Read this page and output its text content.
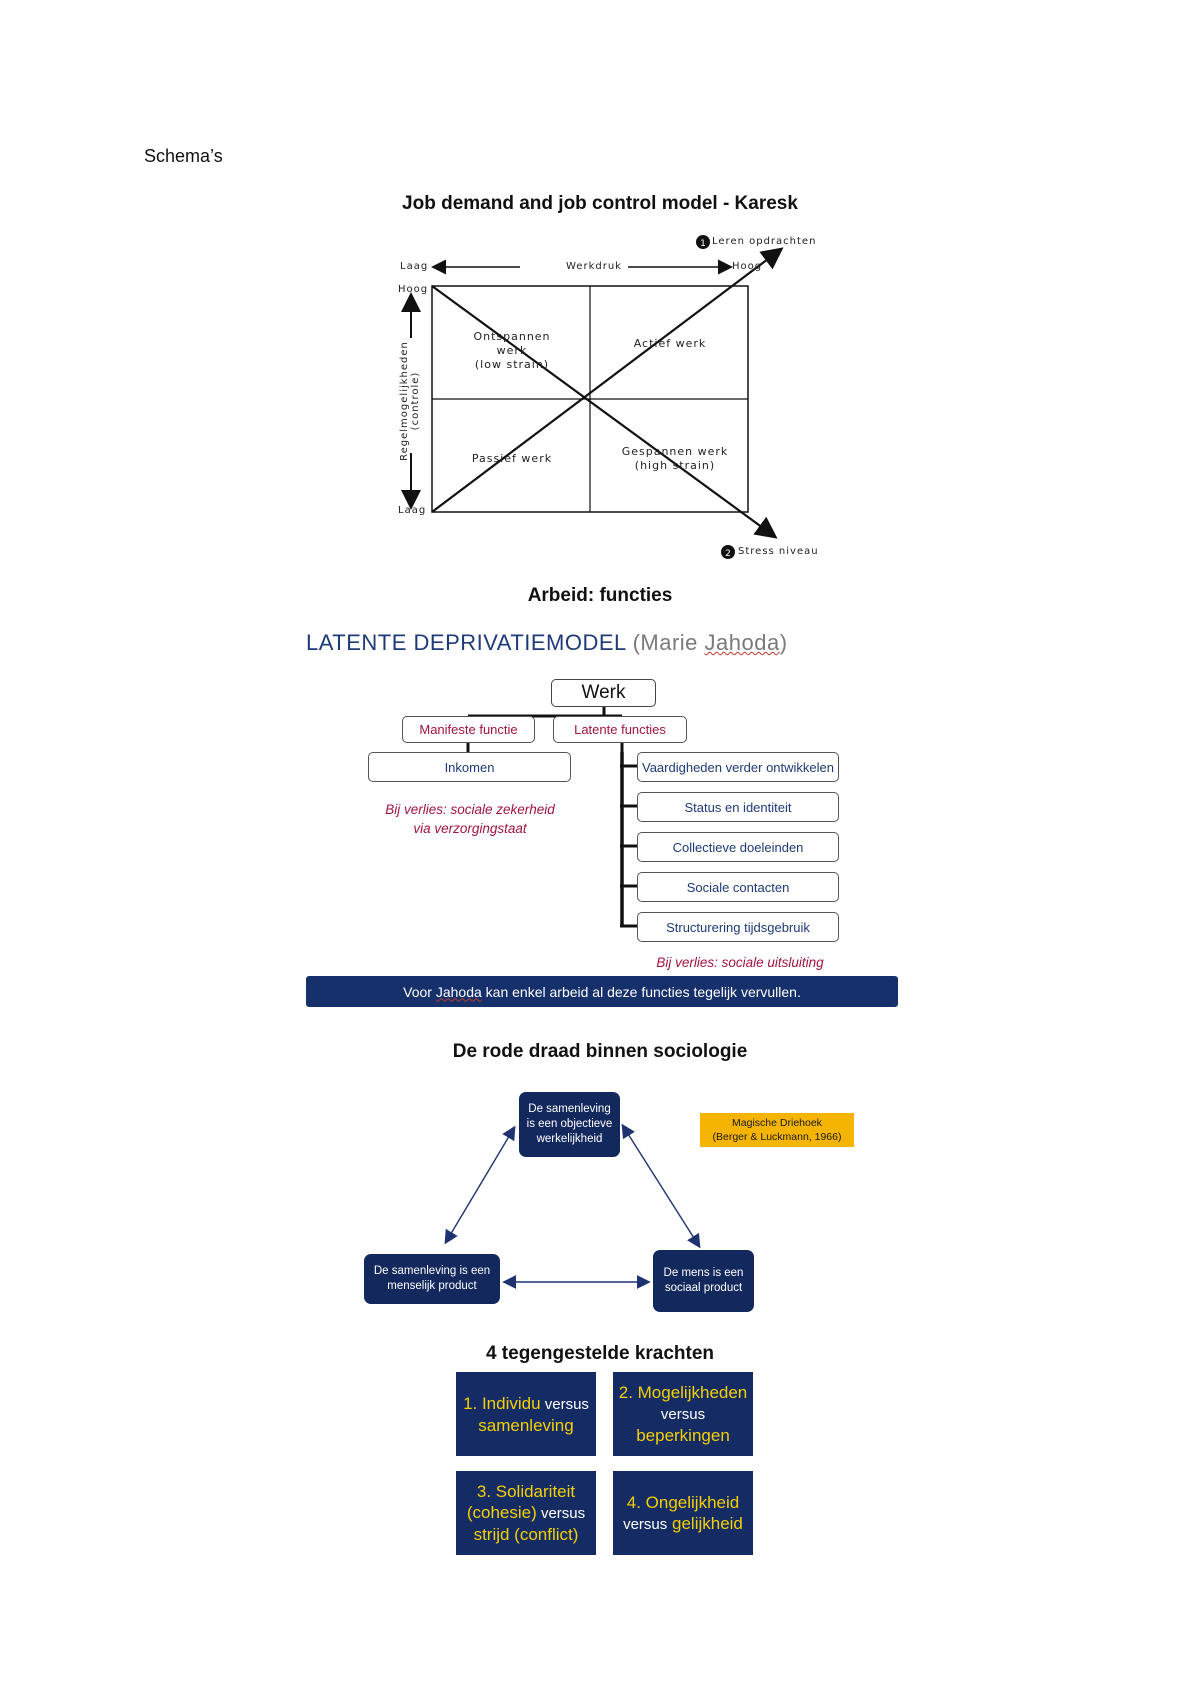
Schema’s
Job demand and job control model - Karesk
1
2
Leren opdrachten
Stress niveau
Laag	Werkdruk	Hoog
Hoog
Laag
Regelmogelijkheden (controle)
Ontspannen werk
(low strain)
Actief werk
Passief werk
Gespannen werk
(high strain)
Arbeid: functies
LATENTE DEPRIVATIEMODEL (Marie Jahoda)
Werk
Manifeste functie	Latente functies
Inkomen
Bij verlies: sociale zekerheid
via verzorgingstaat
Vaardigheden verder ontwikkelen
Status en identiteit
Collectieve doeleinden
Sociale contacten
Structurering tijdsgebruik
Bij verlies: sociale uitsluiting
Voor Jahoda kan enkel arbeid al deze functies tegelijk vervullen.
De rode draad binnen sociologie
De samenleving is een objectieve werkelijkheid
De samenleving is een menselijk product
De mens is een sociaal product
Magische Driehoek
(Berger & Luckmann, 1966)
4 tegengestelde krachten
1. Individu versus
samenleving
2. Mogelijkheden
versus
beperkingen
3. Solidariteit
(cohesie) versus
strijd (conflict)
4. Ongelijkheid
versus gelijkheid
